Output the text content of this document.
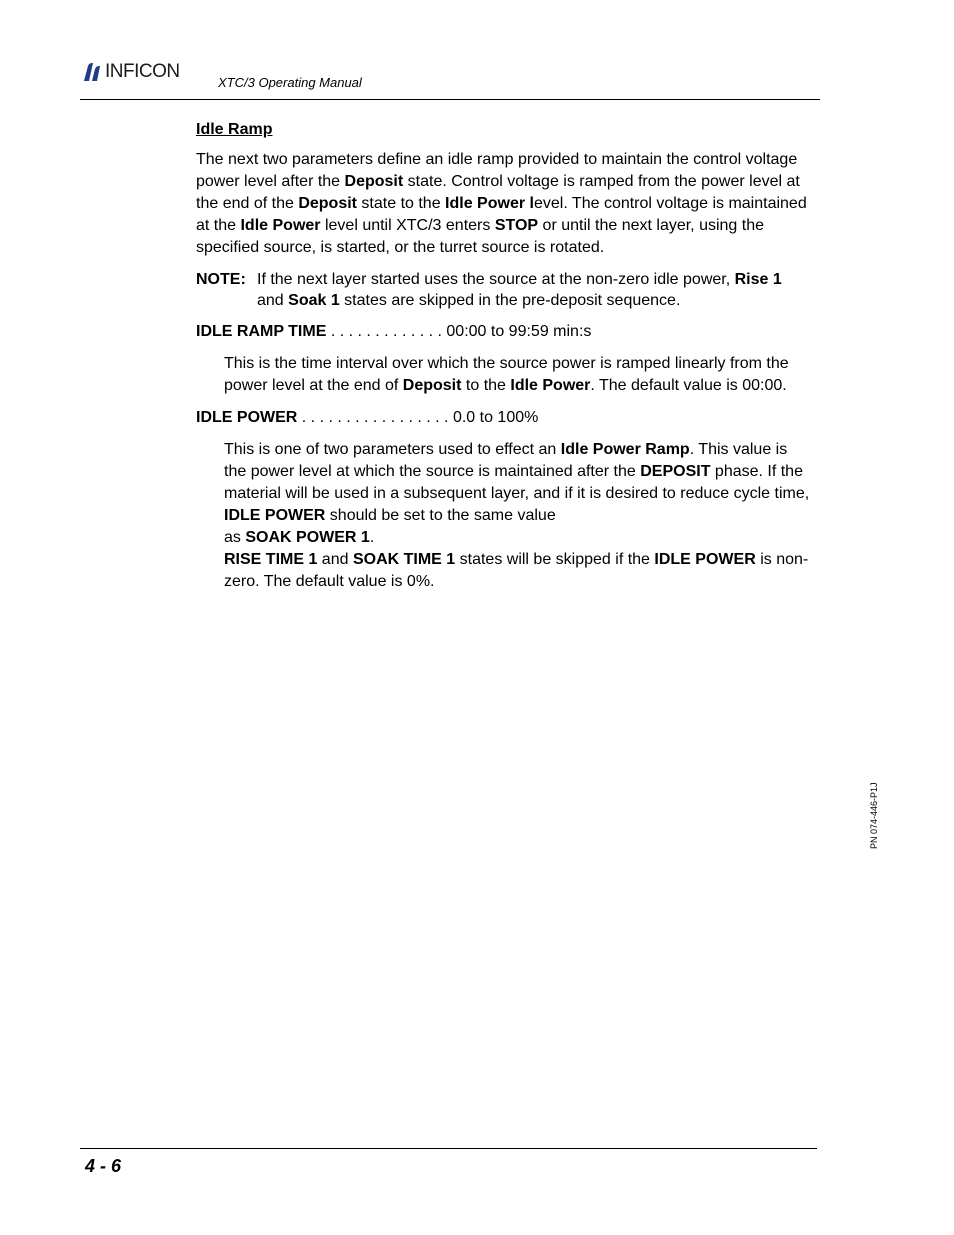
INFICON
XTC/3 Operating Manual
Idle Ramp

The next two parameters define an idle ramp provided to maintain the control voltage power level after the Deposit state. Control voltage is ramped from the power level at the end of the Deposit state to the Idle Power level. The control voltage is maintained at the Idle Power level until XTC/3 enters STOP or until the next layer, using the specified source, is started, or the turret source is rotated.

NOTE: If the next layer started uses the source at the non-zero idle power, Rise 1 and Soak 1 states are skipped in the pre-deposit sequence.

IDLE RAMP TIME . . . . . . . . . . . . . 00:00 to 99:59 min:s

This is the time interval over which the source power is ramped linearly from the power level at the end of Deposit to the Idle Power. The default value is 00:00.

IDLE POWER . . . . . . . . . . . . . . . . . 0.0 to 100%

This is one of two parameters used to effect an Idle Power Ramp. This value is the power level at which the source is maintained after the DEPOSIT phase. If the material will be used in a subsequent layer, and if it is desired to reduce cycle time, IDLE POWER should be set to the same value
as SOAK POWER 1.
RISE TIME 1 and SOAK TIME 1 states will be skipped if the IDLE POWER is non-zero. The default value is 0%.

PN 074-446-P1J
4 - 6
